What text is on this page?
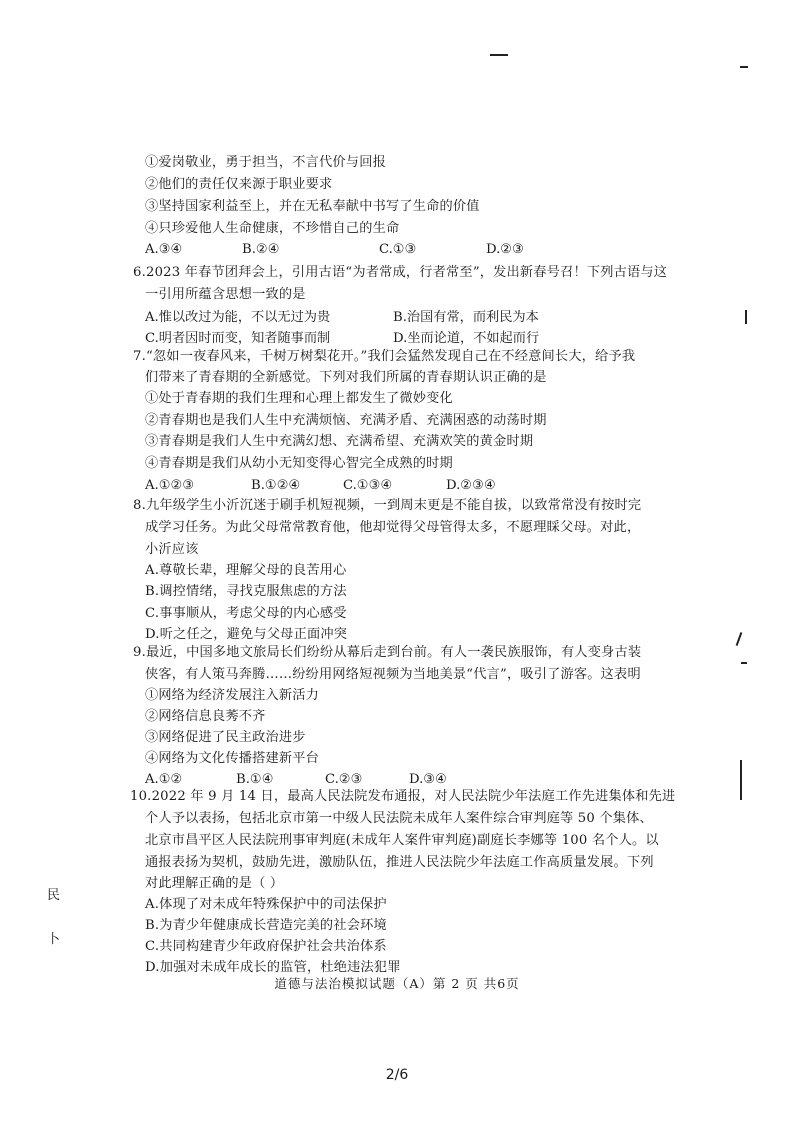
①爱岗敬业，勇于担当，不言代价与回报
②他们的责任仅来源于职业要求
③坚持国家利益至上，并在无私奉献中书写了生命的价值
④只珍爱他人生命健康，不珍惜自己的生命
A.③④	B.②④	C.①③	D.②③
6.2023 年春节团拜会上，引用古语“为者常成，行者常至”，发出新春号召！下列古语与这
一引用所蕴含思想一致的是
A.惟以改过为能，不以无过为贵	B.治国有常，而利民为本
C.明者因时而变，知者随事而制	D.坐而论道，不如起而行
7.“忽如一夜春风来，千树万树梨花开。”我们会猛然发现自己在不经意间长大，给予我
们带来了青春期的全新感觉。下列对我们所属的青春期认识正确的是
①处于青春期的我们生理和心理上都发生了微妙变化
②青春期也是我们人生中充满烦恼、充满矛盾、充满困惑的动荡时期
③青春期是我们人生中充满幻想、充满希望、充满欢笑的黄金时期
④青春期是我们从幼小无知变得心智完全成熟的时期
A.①②③	B.①②④	C.①③④	D.②③④
8.九年级学生小沂沉迷于刷手机短视频，一到周末更是不能自拔，以致常常没有按时完
成学习任务。为此父母常常教育他，他却觉得父母管得太多，不愿理睬父母。对此，
小沂应该
A.尊敬长辈，理解父母的良苦用心
B.调控情绪，寻找克服焦虑的方法
C.事事顺从，考虑父母的内心感受
D.听之任之，避免与父母正面冲突
9.最近，中国多地文旅局长们纷纷从幕后走到台前。有人一袭民族服饰，有人变身古装
侠客，有人策马奔腾……纷纷用网络短视频为当地美景“代言”，吸引了游客。这表明
①网络为经济发展注入新活力
②网络信息良莠不齐
③网络促进了民主政治进步
④网络为文化传播搭建新平台
A.①②	B.①④	C.②③	D.③④
10.2022 年 9 月 14 日，最高人民法院发布通报，对人民法院少年法庭工作先进集体和先进
个人予以表扬，包括北京市第一中级人民法院未成年人案件综合审判庭等 50 个集体、
北京市昌平区人民法院刑事审判庭(未成年人案件审判庭)副庭长李娜等 100 名个人。以
通报表扬为契机，鼓励先进，激励队伍，推进人民法院少年法庭工作高质量发展。下列
对此理解正确的是（ ）
A.体现了对未成年特殊保护中的司法保护
B.为青少年健康成长营造完美的社会环境
C.共同构建青少年政府保护社会共治体系
D.加强对未成年成长的监管，杜绝违法犯罪
民
卜
道德与法治模拟试题（A）第 2 页 共6页
2/6
